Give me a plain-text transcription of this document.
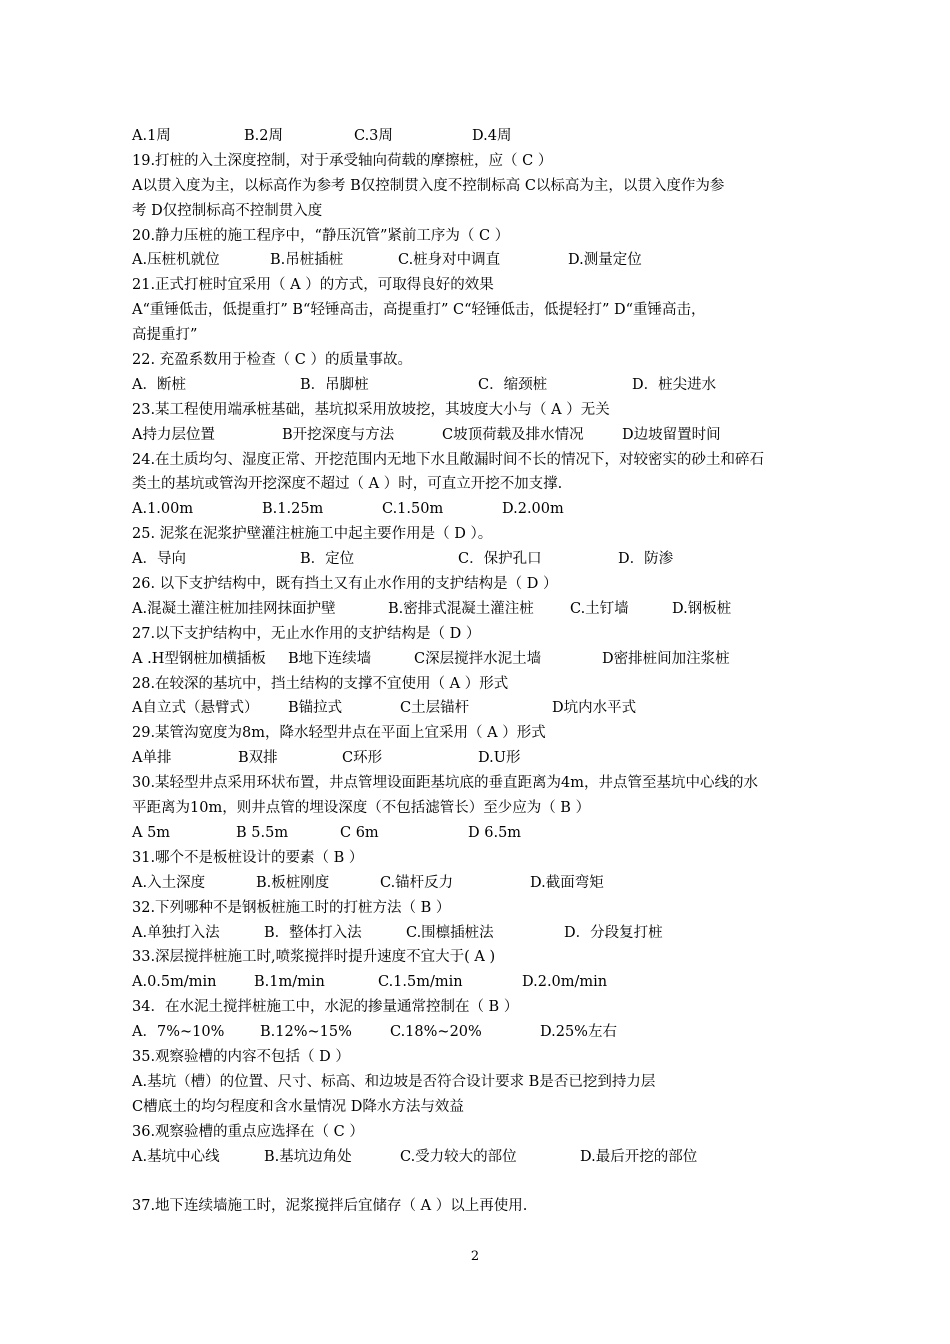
A.1周	B.2周	C.3周	D.4周
19.打桩的入土深度控制，对于承受轴向荷载的摩擦桩，应（ C ）
A以贯入度为主，以标高作为参考 B仅控制贯入度不控制标高 C以标高为主，以贯入度作为参
考 D仅控制标高不控制贯入度
20.静力压桩的施工程序中，“静压沉管”紧前工序为（ C ）
A.压桩机就位	B.吊桩插桩	C.桩身对中调直	D.测量定位
21.正式打桩时宜采用（ A ）的方式，可取得良好的效果
A“重锤低击，低提重打” B“轻锤高击，高提重打” C“轻锤低击，低提轻打” D“重锤高击，
高提重打”
22. 充盈系数用于检查（ C ）的质量事故。
A．断桩	B．吊脚桩	C．缩颈桩	D．桩尖进水
23.某工程使用端承桩基础，基坑拟采用放坡挖，其坡度大小与（ A ）无关
A持力层位置	B开挖深度与方法	C坡顶荷载及排水情况	D边坡留置时间
24.在土质均匀、湿度正常、开挖范围内无地下水且敞漏时间不长的情况下，对较密实的砂土和碎石
类土的基坑或管沟开挖深度不超过（ A ）时，可直立开挖不加支撑.
A.1.00m	B.1.25m	C.1.50m	D.2.00m
25. 泥浆在泥浆护壁灌注桩施工中起主要作用是（ D ）。
A．导向	B．定位	C．保护孔口	D．防渗
26. 以下支护结构中，既有挡土又有止水作用的支护结构是（ D ）
A.混凝土灌注桩加挂网抹面护壁	B.密排式混凝土灌注桩 C.土钉墙	D.钢板桩
27.以下支护结构中，无止水作用的支护结构是（ D ）
A .H型钢桩加横插板 B地下连续墙	C深层搅拌水泥土墙	D密排桩间加注浆桩
28.在较深的基坑中，挡土结构的支撑不宜使用（ A ）形式
A自立式（悬臂式） B锚拉式	C土层锚杆	D坑内水平式
29.某管沟宽度为8m，降水轻型井点在平面上宜采用（ A ）形式
A单排	B双排	C环形	D.U形
30.某轻型井点采用环状布置，井点管埋设面距基坑底的垂直距离为4m，井点管至基坑中心线的水
平距离为10m，则井点管的埋设深度（不包括滤管长）至少应为（ B ）
A 5m	B 5.5m	C 6m	D 6.5m
31.哪个不是板桩设计的要素（ B ）
A.入土深度	B.板桩刚度	C.锚杆反力	D.截面弯矩
32.下列哪种不是钢板桩施工时的打桩方法（ B ）
A.单独打入法	B．整体打入法	C.围檩插桩法	D．分段复打桩
33.深层搅拌桩施工时,喷浆搅拌时提升速度不宜大于( A )
A.0.5m/min	B.1m/min	C.1.5m/min	D.2.0m/min
34．在水泥土搅拌桩施工中，水泥的掺量通常控制在（ B ）
A．7%~10% B.12%~15%	C.18%~20%	D.25%左右
35.观察验槽的内容不包括（ D ）
A.基坑（槽）的位置、尺寸、标高、和边坡是否符合设计要求 B是否已挖到持力层
C槽底土的均匀程度和含水量情况 D降水方法与效益
36.观察验槽的重点应选择在（ C ）
A.基坑中心线	B.基坑边角处	C.受力较大的部位	D.最后开挖的部位
37.地下连续墙施工时，泥浆搅拌后宜储存（ A ）以上再使用.
2
